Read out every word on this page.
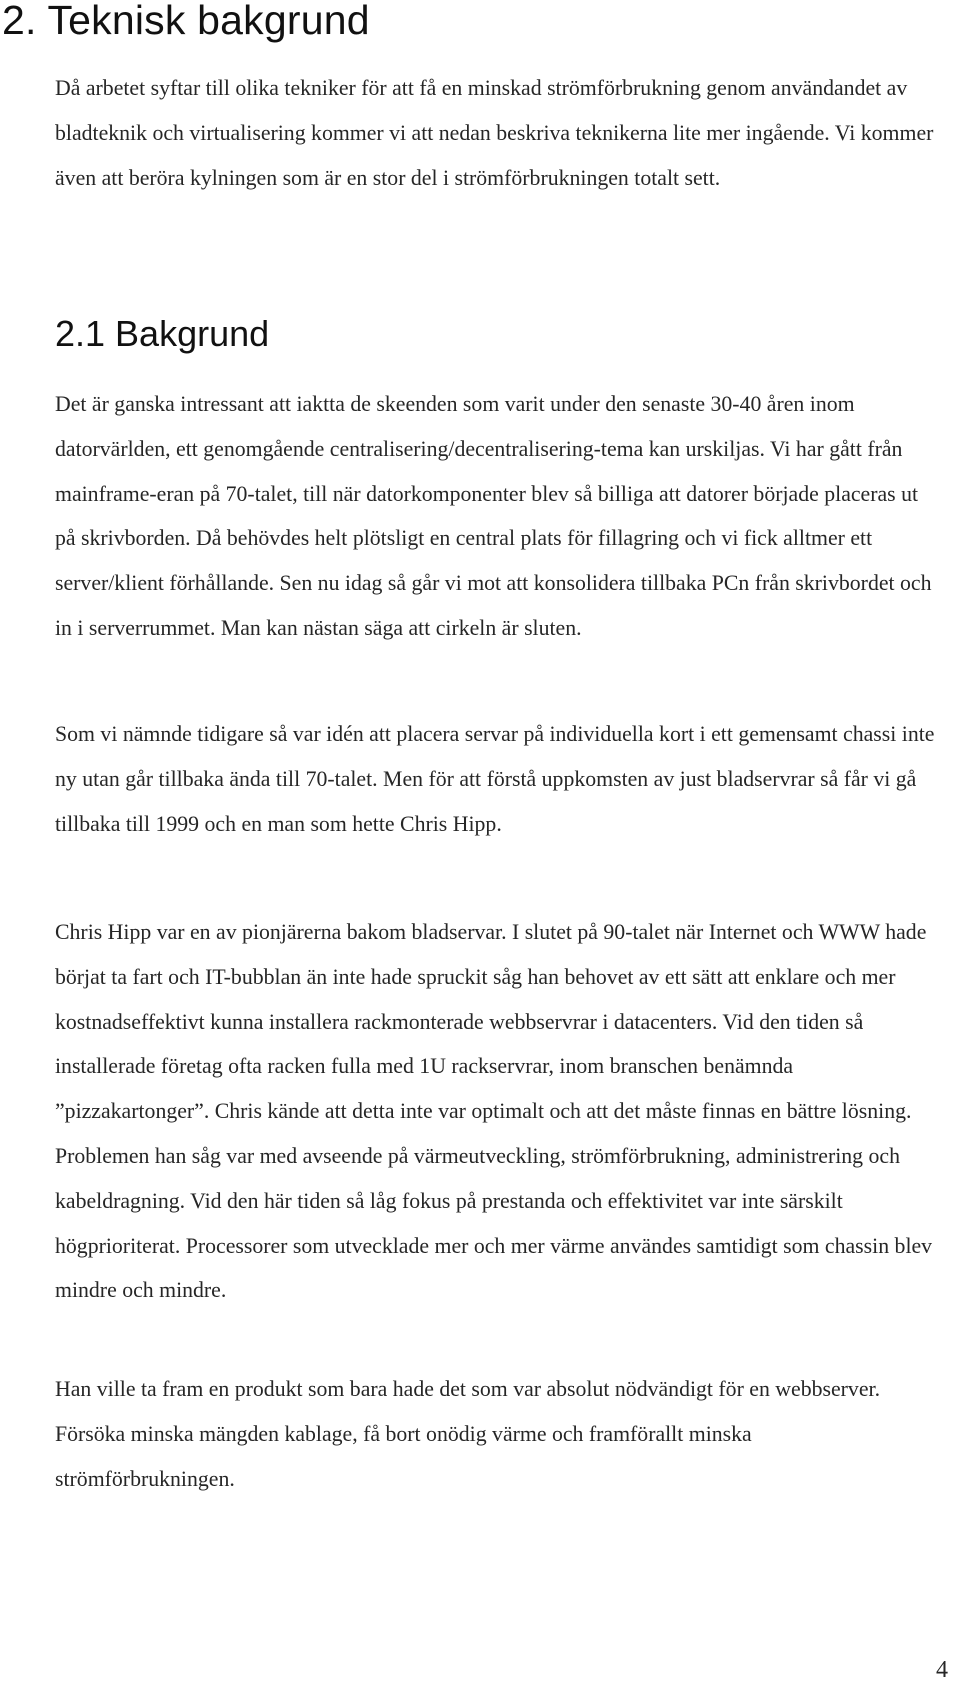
2. Teknisk bakgrund

Då arbetet syftar till olika tekniker för att få en minskad strömförbrukning genom användandet av bladteknik och virtualisering kommer vi att nedan beskriva teknikerna lite mer ingående. Vi kommer även att beröra kylningen som är en stor del i strömförbrukningen totalt sett.

2.1 Bakgrund

Det är ganska intressant att iaktta de skeenden som varit under den senaste 30-40 åren inom datorvärlden, ett genomgående centralisering/decentralisering-tema kan urskiljas. Vi har gått från mainframe-eran på 70-talet, till när datorkomponenter blev så billiga att datorer började placeras ut på skrivborden. Då behövdes helt plötsligt en central plats för fillagring och vi fick alltmer ett server/klient förhållande. Sen nu idag så går vi mot att konsolidera tillbaka PCn från skrivbordet och in i serverrummet. Man kan nästan säga att cirkeln är sluten.

Som vi nämnde tidigare så var idén att placera servar på individuella kort i ett gemensamt chassi inte ny utan går tillbaka ända till 70-talet. Men för att förstå uppkomsten av just bladservrar så får vi gå tillbaka till 1999 och en man som hette Chris Hipp.

Chris Hipp var en av pionjärerna bakom bladservar. I slutet på 90-talet när Internet och WWW hade börjat ta fart och IT-bubblan än inte hade spruckit såg han behovet av ett sätt att enklare och mer kostnadseffektivt kunna installera rackmonterade webbservrar i datacenters. Vid den tiden så installerade företag ofta racken fulla med 1U rackservrar, inom branschen benämnda ”pizzakartonger”. Chris kände att detta inte var optimalt och att det måste finnas en bättre lösning. Problemen han såg var med avseende på värmeutveckling, strömförbrukning, administrering och kabeldragning. Vid den här tiden så låg fokus på prestanda och effektivitet var inte särskilt högprioriterat. Processorer som utvecklade mer och mer värme användes samtidigt som chassin blev mindre och mindre.

Han ville ta fram en produkt som bara hade det som var absolut nödvändigt för en webbserver. Försöka minska mängden kablage, få bort onödig värme och framförallt minska strömförbrukningen.

4
